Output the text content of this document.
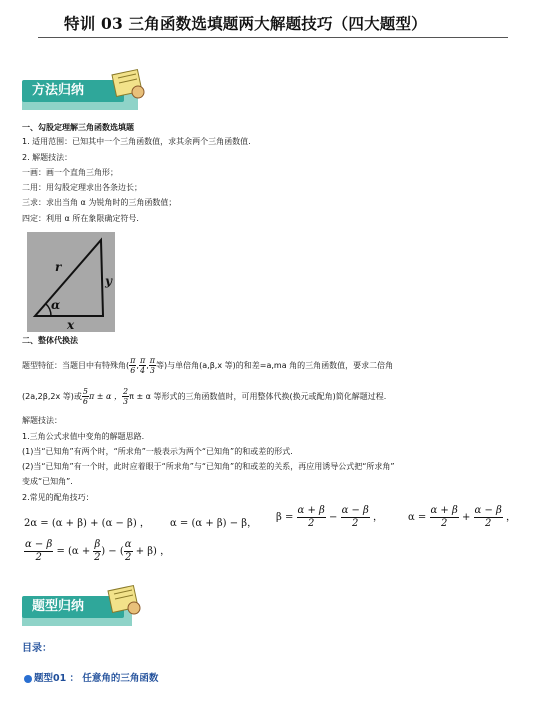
特训 03 三角函数选填题两大解题技巧（四大题型）
方法归纳
一、勾股定理解三角函数选填题
1. 适用范围：已知其中一个三角函数值，求其余两个三角函数值.
2. 解题技法：
一画：画一个直角三角形；
二用：用勾股定理求出各条边长；
三求：求出当角 α 为锐角时的三角函数值；
四定：利用 α 所在象限确定符号.
r
y
x
α
二、整体代换法
题型特征：当题目中有特殊角( $\frac{\pi}{6}$ , $\frac{\pi}{4}$ , $\frac{\pi}{3}$ 等)与单倍角(a,β,x 等)的和差=a,ma 角的三角函数值，要求二倍角
(2a,2β,2x 等)或 $\frac{5}{6}$ π ± α ， $\frac{2}{3}$ π ± α 等形式的三角函数值时，可用整体代换(换元或配角)简化解题过程.
解题技法：
1.三角公式求值中变角的解题思路.
(1)当“已知角”有两个时，“所求角”一般表示为两个“已知角”的和或差的形式.
(2)当“已知角”有一个时，此时应着眼于“所求角”与“已知角”的和或差的关系，再应用诱导公式把“所求角”
变成“已知角”.
2.常见的配角技巧：
2α = (α + β) + (α − β) ， α = (α + β) − β，
$\beta = \frac{\alpha + \beta}{2} - \frac{\alpha - \beta}{2}$ ， $\alpha = \frac{\alpha + \beta}{2} + \frac{\alpha - \beta}{2}$ ，
$\frac{\alpha - \beta}{2} = (\alpha + \frac{\beta}{2}$ ) − ( $\frac{\alpha}{2} + \beta$) ，
题型归纳
目录：
题型01 ： 任意角的三角函数
